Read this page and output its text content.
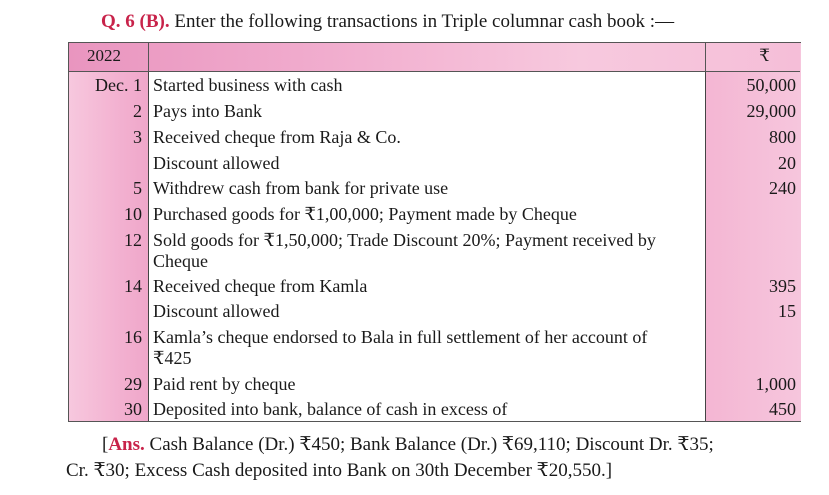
Q. 6 (B). Enter the following transactions in Triple columnar cash book :—
2022	₹
Dec. 1 Started business with cash	50,000
2 Pays into Bank	29,000
3 Received cheque from Raja & Co.	800
Discount allowed	20
5 Withdrew cash from bank for private use	240
10 Purchased goods for ₹1,00,000; Payment made by Cheque
12 Sold goods for ₹1,50,000; Trade Discount 20%; Payment received by
Cheque
14 Received cheque from Kamla	395
Discount allowed	15
16 Kamla’s cheque endorsed to Bala in full settlement of her account of
₹425
29 Paid rent by cheque	1,000
30 Deposited into bank, balance of cash in excess of	450
[Ans. Cash Balance (Dr.) ₹450; Bank Balance (Dr.) ₹69,110; Discount Dr. ₹35;
Cr. ₹30; Excess Cash deposited into Bank on 30th December ₹20,550.]
